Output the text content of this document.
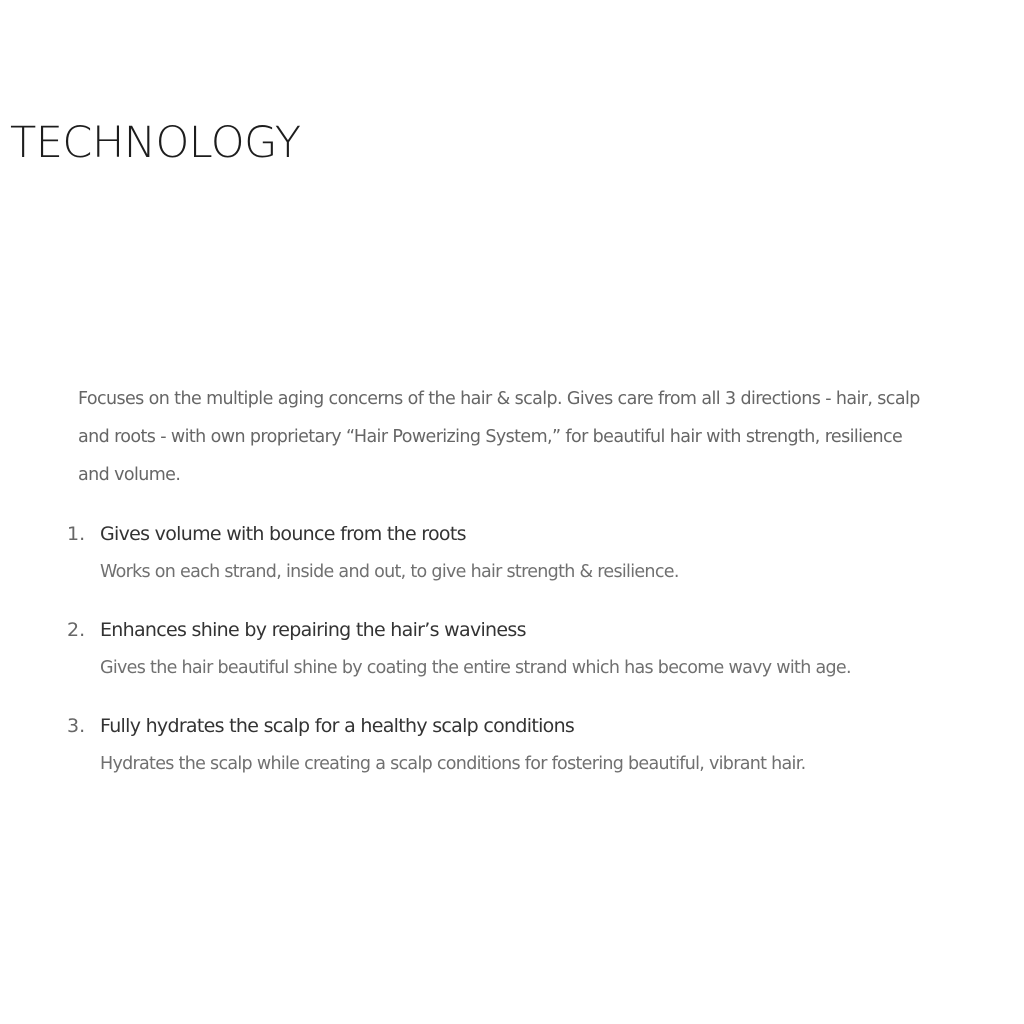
TECHNOLOGY

Focuses on the multiple aging concerns of the hair & scalp. Gives care from all 3 directions - hair, scalp and roots - with own proprietary “Hair Powerizing System,” for beautiful hair with strength, resilience and volume.

1. Gives volume with bounce from the roots
Works on each strand, inside and out, to give hair strength & resilience.
2. Enhances shine by repairing the hair’s waviness
Gives the hair beautiful shine by coating the entire strand which has become wavy with age.
3. Fully hydrates the scalp for a healthy scalp conditions
Hydrates the scalp while creating a scalp conditions for fostering beautiful, vibrant hair.
